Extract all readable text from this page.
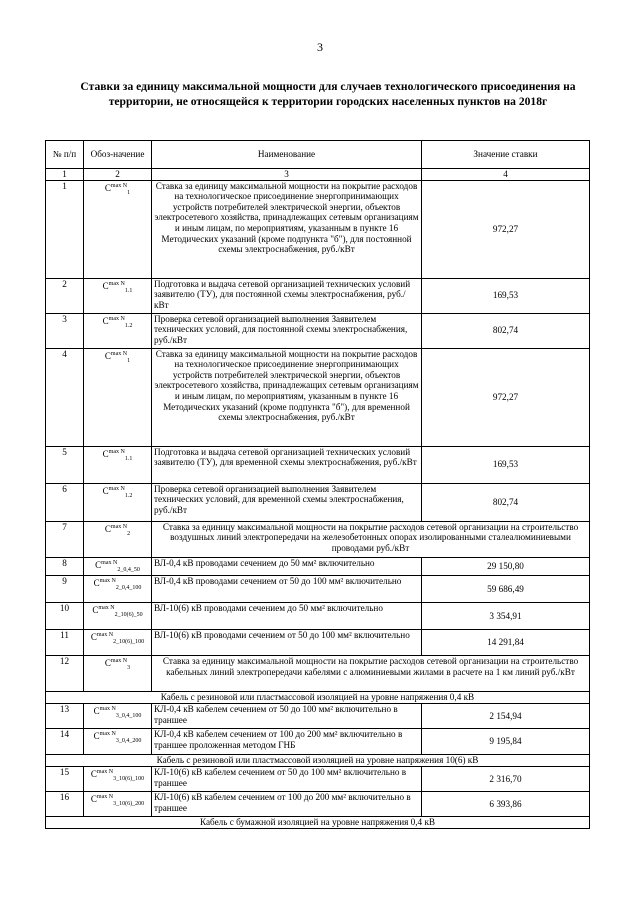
3
Ставки за единицу максимальной мощности для случаев технологического присоединения на территории, не относящейся к территории городских населенных пунктов на 2018г
№ п/п	Обоз-начение	Наименование	Значение ставки
1	2	3	4
1	$C^{max N}_1$	Ставка за единицу максимальной мощности на покрытие расходов на технологическое присоединение энергопринимающих устройств потребителей электрической энергии, объектов электросетевого хозяйства, принадлежащих сетевым организациям и иным лицам, по мероприятиям, указанным в пункте 16 Методических указаний (кроме подпункта "б"), для постоянной схемы электроснабжения, руб./кВт	972,27
2	$C^{max N}_{1.1}$	Подготовка и выдача сетевой организацией технических условий заявителю (ТУ), для постоянной схемы электроснабжения, руб./кВт	169,53
3	$C^{max N}_{1.2}$	Проверка сетевой организацией выполнения Заявителем технических условий, для постоянной схемы электроснабжения, руб./кВт	802,74
4	$C^{max N}_1$	Ставка за единицу максимальной мощности на покрытие расходов на технологическое присоединение энергопринимающих устройств потребителей электрической энергии, объектов электросетевого хозяйства, принадлежащих сетевым организациям и иным лицам, по мероприятиям, указанным в пункте 16 Методических указаний (кроме подпункта "б"), для временной схемы электроснабжения, руб./кВт	972,27
5	$C^{max N}_{1.1}$	Подготовка и выдача сетевой организацией технических условий заявителю (ТУ), для временной схемы электроснабжения, руб./кВт	169,53
6	$C^{max N}_{1.2}$	Проверка сетевой организацией выполнения Заявителем технических условий, для временной схемы электроснабжения, руб./кВт	802,74
7	$C^{max N}_2$	Ставка за единицу максимальной мощности на покрытие расходов сетевой организации на строительство воздушных линий электропередачи на железобетонных опорах изолированными сталеалюминиевыми проводами руб./кВт	
8	$C^{max N}_{2\_0,4\_50}$	ВЛ-0,4 кВ проводами сечением до 50 мм² включительно	29 150,80
9	$C^{max N}_{2\_0,4\_100}$	ВЛ-0,4 кВ проводами сечением от 50 до 100 мм² включительно	59 686,49
10	$C^{max N}_{2\_10(6)\_50}$	ВЛ-10(6) кВ проводами сечением до 50 мм² включительно	3 354,91
11	$C^{max N}_{2\_10(6)\_100}$	ВЛ-10(6) кВ проводами сечением от 50 до 100 мм² включительно	14 291,84
12	$C^{max N}_3$	Ставка за единицу максимальной мощности на покрытие расходов сетевой организации на строительство кабельных линий электропередачи кабелями с алюминиевыми жилами в расчете на 1 км линий руб./кВт	
Кабель с резиновой или пластмассовой изоляцией на уровне напряжения 0,4 кВ			
13	$C^{max N}_{3\_0,4\_100}$	КЛ-0,4 кВ кабелем сечением от 50 до 100 мм² включительно в траншее	2 154,94
14	$C^{max N}_{3\_0,4\_200}$	КЛ-0,4 кВ кабелем сечением от 100 до 200 мм² включительно в траншее проложенная методом ГНБ	9 195,84
Кабель с резиновой или пластмассовой изоляцией на уровне напряжения 10(6) кВ			
15	$C^{max N}_{3\_10(6)\_100}$	КЛ-10(6) кВ кабелем сечением от 50 до 100 мм² включительно в траншее	2 316,70
16	$C^{max N}_{3\_10(6)\_200}$	КЛ-10(6) кВ кабелем сечением от 100 до 200 мм² включительно в траншее	6 393,86
Кабель с бумажной изоляцией на уровне напряжения 0,4 кВ			
